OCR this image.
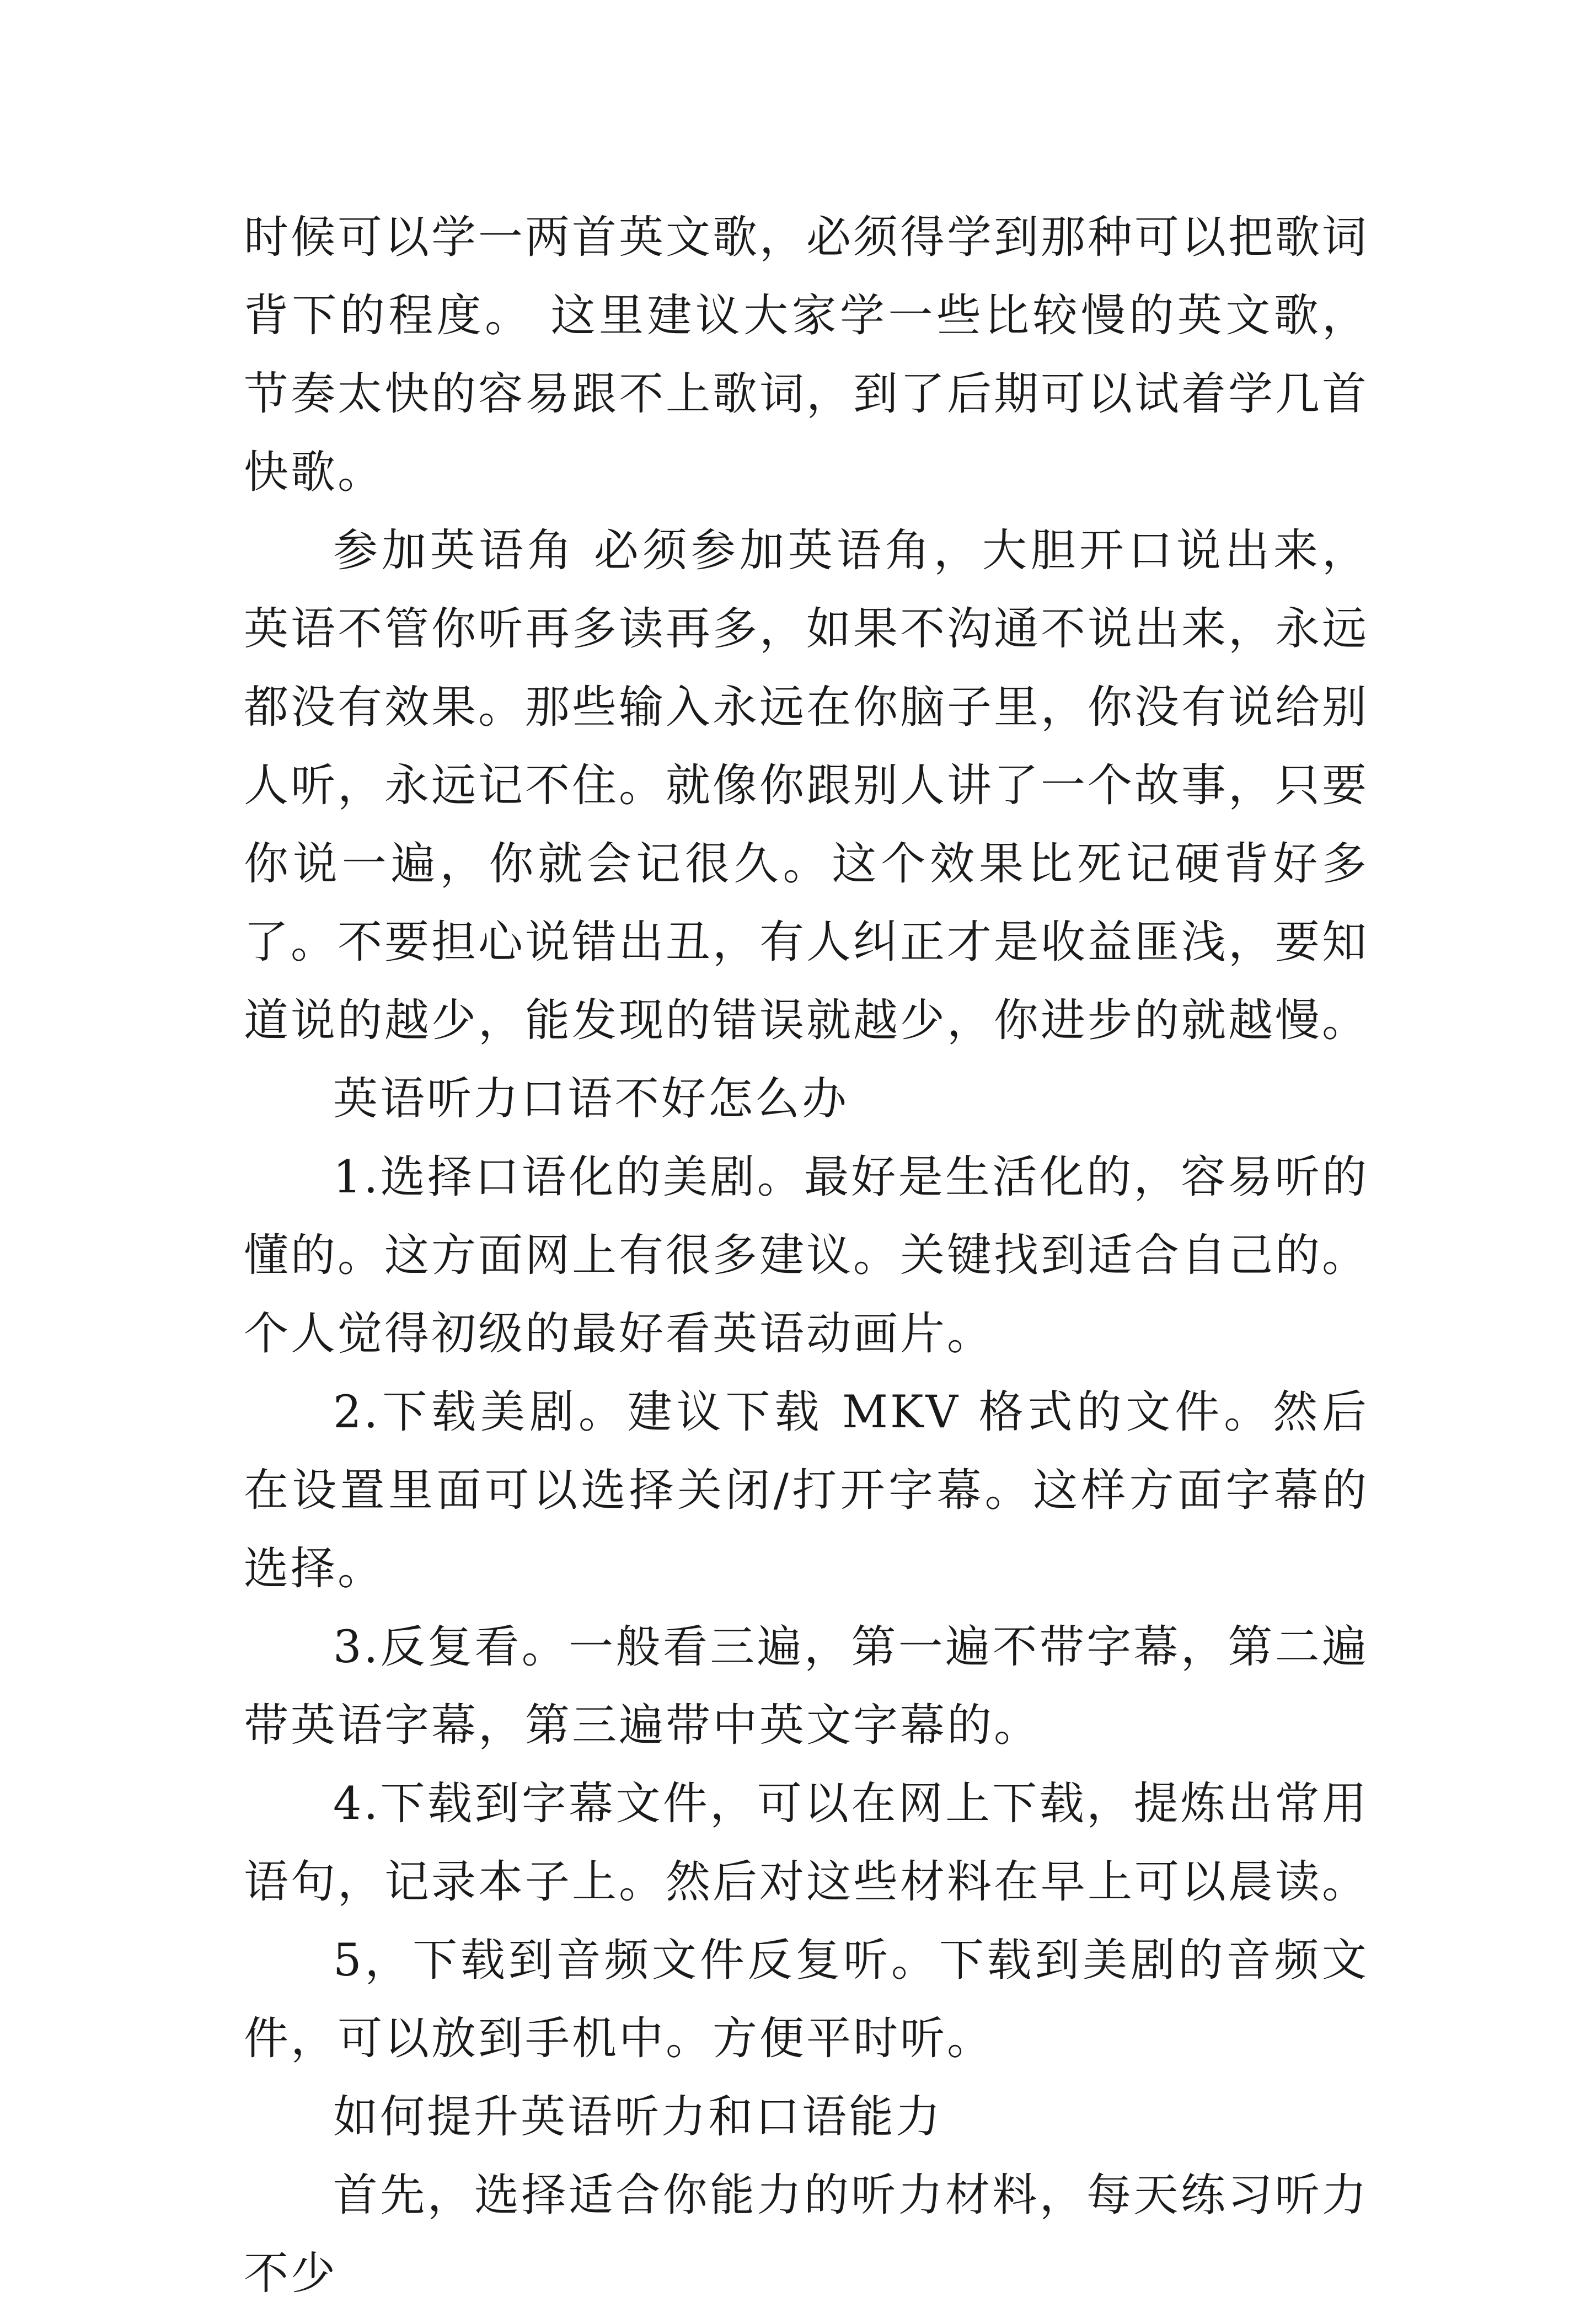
时候可以学一两首英文歌，必须得学到那种可以把歌词背下的程度。 这里建议大家学一些比较慢的英文歌，节奏太快的容易跟不上歌词，到了后期可以试着学几首快歌。

参加英语角 必须参加英语角，大胆开口说出来，英语不管你听再多读再多，如果不沟通不说出来，永远都没有效果。那些输入永远在你脑子里，你没有说给别人听，永远记不住。就像你跟别人讲了一个故事，只要你说一遍，你就会记很久。这个效果比死记硬背好多了。不要担心说错出丑，有人纠正才是收益匪浅，要知道说的越少，能发现的错误就越少，你进步的就越慢。

英语听力口语不好怎么办

1.选择口语化的美剧。最好是生活化的，容易听的懂的。这方面网上有很多建议。关键找到适合自己的。个人觉得初级的最好看英语动画片。

2.下载美剧。建议下载 MKV 格式的文件。然后在设置里面可以选择关闭/打开字幕。这样方面字幕的选择。

3.反复看。一般看三遍，第一遍不带字幕，第二遍带英语字幕，第三遍带中英文字幕的。

4.下载到字幕文件，可以在网上下载，提炼出常用语句，记录本子上。然后对这些材料在早上可以晨读。

5，下载到音频文件反复听。下载到美剧的音频文件，可以放到手机中。方便平时听。

如何提升英语听力和口语能力

首先，选择适合你能力的听力材料，每天练习听力不少
